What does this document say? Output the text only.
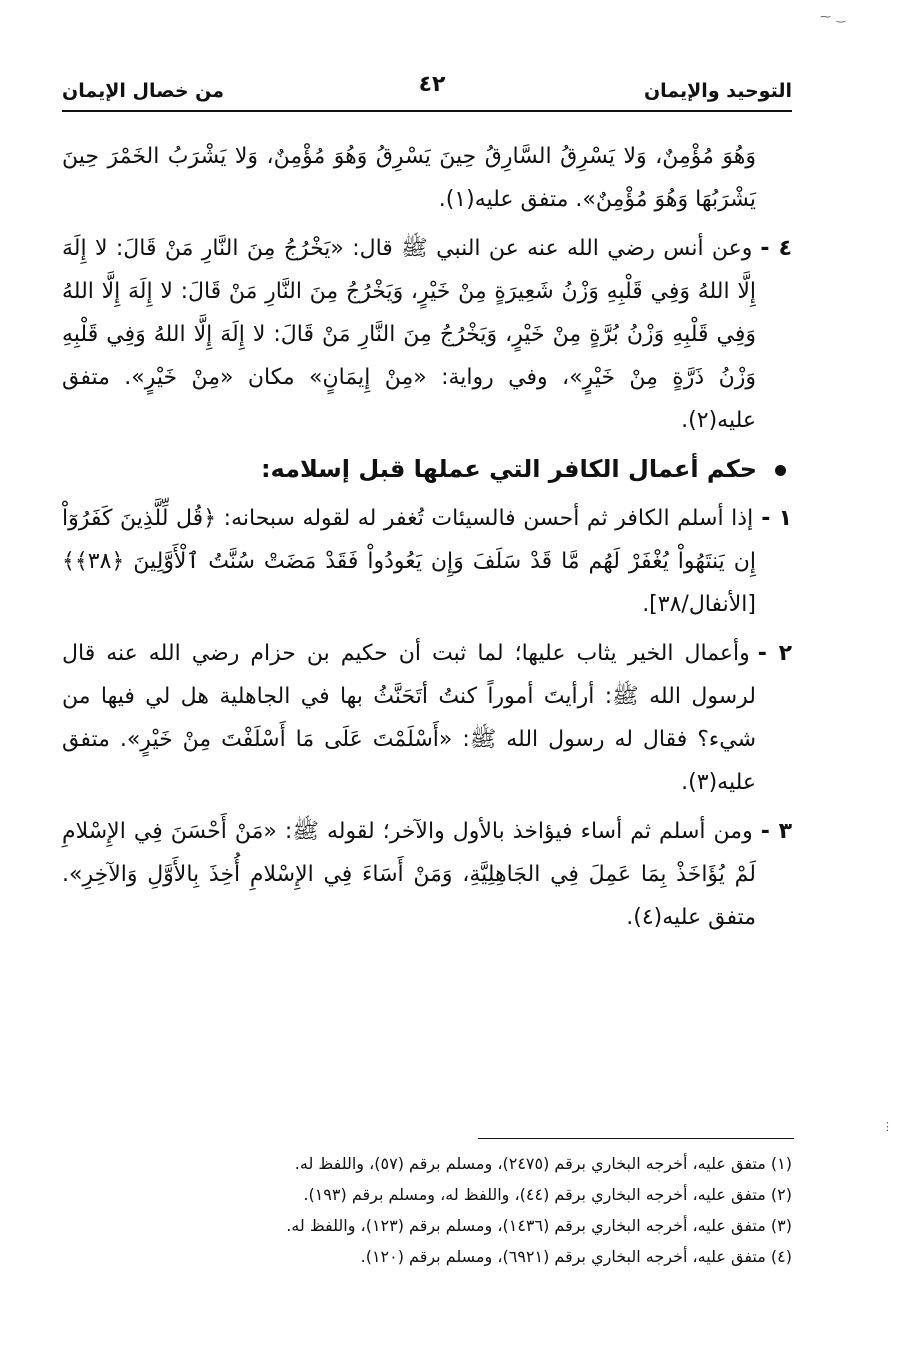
التوحيد والإيمان
٤٢
من خصال الإيمان

وَهُوَ مُؤْمِنٌ، وَلا يَسْرِقُ السَّارِقُ حِينَ يَسْرِقُ وَهُوَ مُؤْمِنٌ، وَلا يَشْرَبُ الخَمْرَ حِينَ يَشْرَبُهَا وَهُوَ مُؤْمِنٌ». متفق عليه(١).

٤ -وعن أنس رضي الله عنه عن النبي ﷺ قال: «يَخْرُجُ مِنَ النَّارِ مَنْ قَالَ: لا إِلَهَ إِلَّا اللهُ وَفِي قَلْبِهِ وَزْنُ شَعِيرَةٍ مِنْ خَيْرٍ، وَيَخْرُجُ مِنَ النَّارِ مَنْ قَالَ: لا إِلَهَ إِلَّا اللهُ وَفِي قَلْبِهِ وَزْنُ بُرَّةٍ مِنْ خَيْرٍ، وَيَخْرُجُ مِنَ النَّارِ مَنْ قَالَ: لا إِلَهَ إِلَّا اللهُ وَفِي قَلْبِهِ وَزْنُ ذَرَّةٍ مِنْ خَيْرٍ»، وفي رواية: «مِنْ إِيمَانٍ» مكان «مِنْ خَيْرٍ». متفق عليه(٢).

حكم أعمال الكافر التي عملها قبل إسلامه:

١ -إذا أسلم الكافر ثم أحسن فالسيئات تُغفر له لقوله سبحانه: ﴿قُل لِّلَّذِينَ كَفَرُوٓاْ إِن يَنتَهُواْ يُغْفَرْ لَهُم مَّا قَدْ سَلَفَ وَإِن يَعُودُواْ فَقَدْ مَضَتْ سُنَّتُ ٱلْأَوَّلِينَ ﴿٣٨﴾﴾ [الأنفال/٣٨].

٢ -وأعمال الخير يثاب عليها؛ لما ثبت أن حكيم بن حزام رضي الله عنه قال لرسول الله ﷺ: أرأيتَ أموراً كنتُ أتَحَنَّثُ بها في الجاهلية هل لي فيها من شيء؟ فقال له رسول الله ﷺ: «أَسْلَمْتَ عَلَى مَا أَسْلَفْتَ مِنْ خَيْرٍ». متفق عليه(٣).

٣ -ومن أسلم ثم أساء فيؤاخذ بالأول والآخر؛ لقوله ﷺ: «مَنْ أَحْسَنَ فِي الإِسْلامِ لَمْ يُؤَاخَذْ بِمَا عَمِلَ فِي الجَاهِلِيَّةِ، وَمَنْ أَسَاءَ فِي الإِسْلامِ أُخِذَ بِالأَوَّلِ وَالآخِرِ». متفق عليه(٤).

(١) متفق عليه، أخرجه البخاري برقم (٢٤٧٥)، ومسلم برقم (٥٧)، واللفظ له.

(٢) متفق عليه، أخرجه البخاري برقم (٤٤)، واللفظ له، ومسلم برقم (١٩٣).

(٣) متفق عليه، أخرجه البخاري برقم (١٤٣٦)، ومسلم برقم (١٢٣)، واللفظ له.

(٤) متفق عليه، أخرجه البخاري برقم (٦٩٢١)، ومسلم برقم (١٢٠).

⁓ ‿
⋮
